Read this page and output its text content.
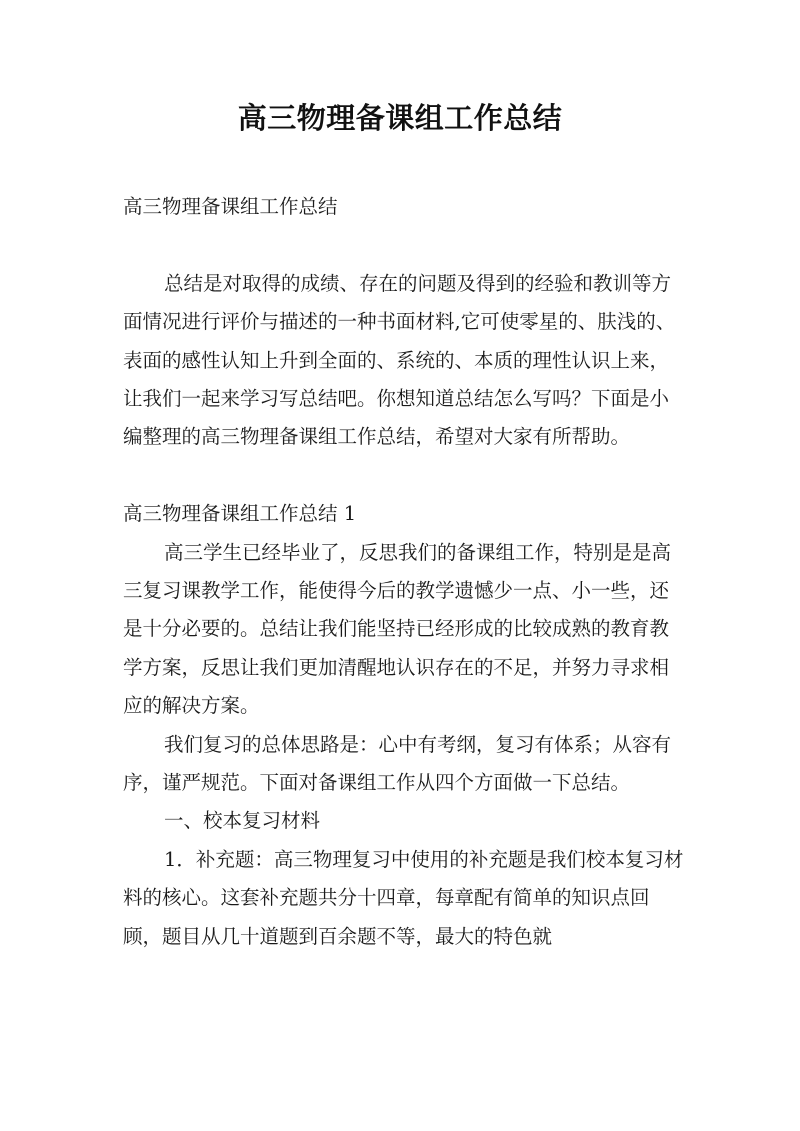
高三物理备课组工作总结

高三物理备课组工作总结

总结是对取得的成绩、存在的问题及得到的经验和教训等方面情况进行评价与描述的一种书面材料,它可使零星的、肤浅的、表面的感性认知上升到全面的、系统的、本质的理性认识上来，让我们一起来学习写总结吧。你想知道总结怎么写吗？下面是小编整理的高三物理备课组工作总结，希望对大家有所帮助。

高三物理备课组工作总结 1

高三学生已经毕业了，反思我们的备课组工作，特别是是高三复习课教学工作，能使得今后的教学遗憾少一点、小一些，还是十分必要的。总结让我们能坚持已经形成的比较成熟的教育教学方案，反思让我们更加清醒地认识存在的不足，并努力寻求相应的解决方案。

我们复习的总体思路是：心中有考纲，复习有体系；从容有序，谨严规范。下面对备课组工作从四个方面做一下总结。

一、校本复习材料

1．补充题：高三物理复习中使用的补充题是我们校本复习材料的核心。这套补充题共分十四章，每章配有简单的知识点回顾，题目从几十道题到百余题不等，最大的特色就
